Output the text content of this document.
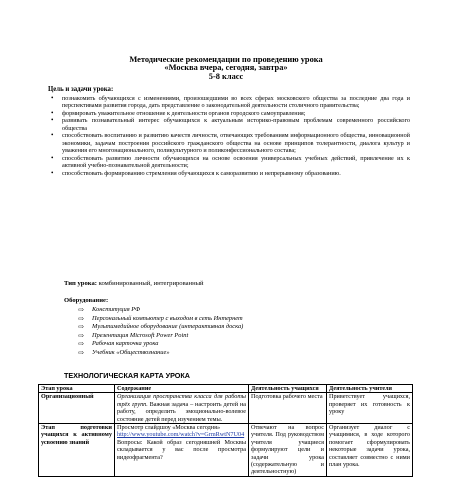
Методические рекомендации по проведению урока
«Москва вчера, сегодня, завтра»
5-8 класс
Цель и задачи урока:
• познакомить обучающихся с изменениями, произошедшими во всех сферах московского общества за последние два года и перспективами развития города, дать представление о законодательной деятельности столичного правительства;
• формировать уважительное отношение к деятельности органов городского самоуправления;
• развивать познавательный интерес обучающихся к актуальным историко-правовым проблемам современного российского общества
• способствовать воспитанию и развитию качеств личности, отвечающих требованиям информационного общества, инновационной экономики, задачам построения российского гражданского общества на основе принципов толерантности, диалога культур и уважения его многонационального, поликультурного и поликонфессионального состава;
• способствовать развитию личности обучающихся на основе освоения универсальных учебных действий, привлечение их к активной учебно-познавательной деятельности;
• способствовать формированию стремления обучающихся к саморазвитию и непрерывному образованию.
Тип урока: комбинированный, интегрированный
Оборудование:
⇨ Конституция РФ
⇨ Персональный компьютер с выходом в сеть Интернет
⇨ Мультимедийное оборудование (интерактивная доска)
⇨ Презентация Microsoft Power Point
⇨ Рабочая карточка урока
⇨ Учебник «Обществознание»
ТЕХНОЛОГИЧЕСКАЯ КАРТА УРОКА
Этап урока	Содержание	Деятельность учащихся	Деятельность учителя
Организационный	Организация пространства класса для работы трёх групп. Важная задача – настроить детей на работу, определить эмоционально-волевое состояние детей перед изучением темы.	Подготовка рабочего места	Приветствует учащихся, проверяет их готовность к уроку
Этап подготовки учащихся к активному усвоению знаний	Просмотр слайдшоу «Москва сегодня»
http://www.youtube.com/watch?v=GrmRwtN7U04
Вопросы: Какой образ сегодняшней Москвы складывается у вас после просмотра видеофрагмента?	Отвечают на вопрос учителя. Под руководством учителя учащиеся формулируют цели и задачи урока (содержательную и деятельностную)	Организует диалог с учащимися, в ходе которого помогает сформулировать некоторые задачи урока, составляет совместно с ними план урока.
